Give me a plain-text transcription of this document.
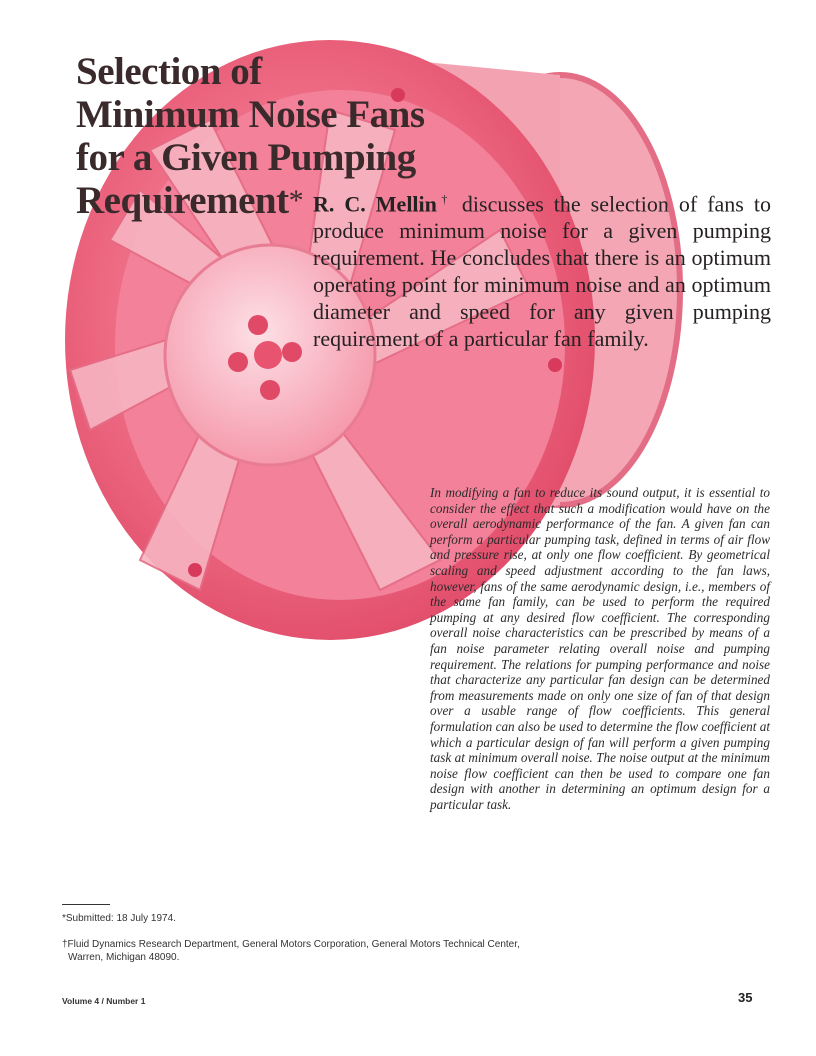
Selection of
Minimum Noise Fans
for a Given Pumping
Requirement* R. C. Mellin† discusses the selection of fans to produce minimum noise for a given pumping requirement. He concludes that there is an optimum operating point for minimum noise and an optimum diameter and speed for any given pumping requirement of a particular fan family.

In modifying a fan to reduce its sound output, it is essential to consider the effect that such a modification would have on the overall aerodynamic performance of the fan. A given fan can perform a particular pumping task, defined in terms of air flow and pressure rise, at only one flow coefficient. By geometrical scaling and speed adjustment according to the fan laws, however, fans of the same aerodynamic design, i.e., members of the same fan family, can be used to perform the required pumping at any desired flow coefficient. The corresponding overall noise characteristics can be prescribed by means of a fan noise parameter relating overall noise and pumping requirement. The relations for pumping performance and noise that characterize any particular fan design can be determined from measurements made on only one size of fan of that design over a usable range of flow coefficients. This general formulation can also be used to determine the flow coefficient at which a particular design of fan will perform a given pumping task at minimum overall noise. The noise output at the minimum noise flow coefficient can then be used to compare one fan design with another in determining an optimum design for a particular task.

*Submitted: 18 July 1974.

†Fluid Dynamics Research Department, General Motors Corporation, General Motors Technical Center,
Warren, Michigan 48090.

Volume 4 / Number 1	35
